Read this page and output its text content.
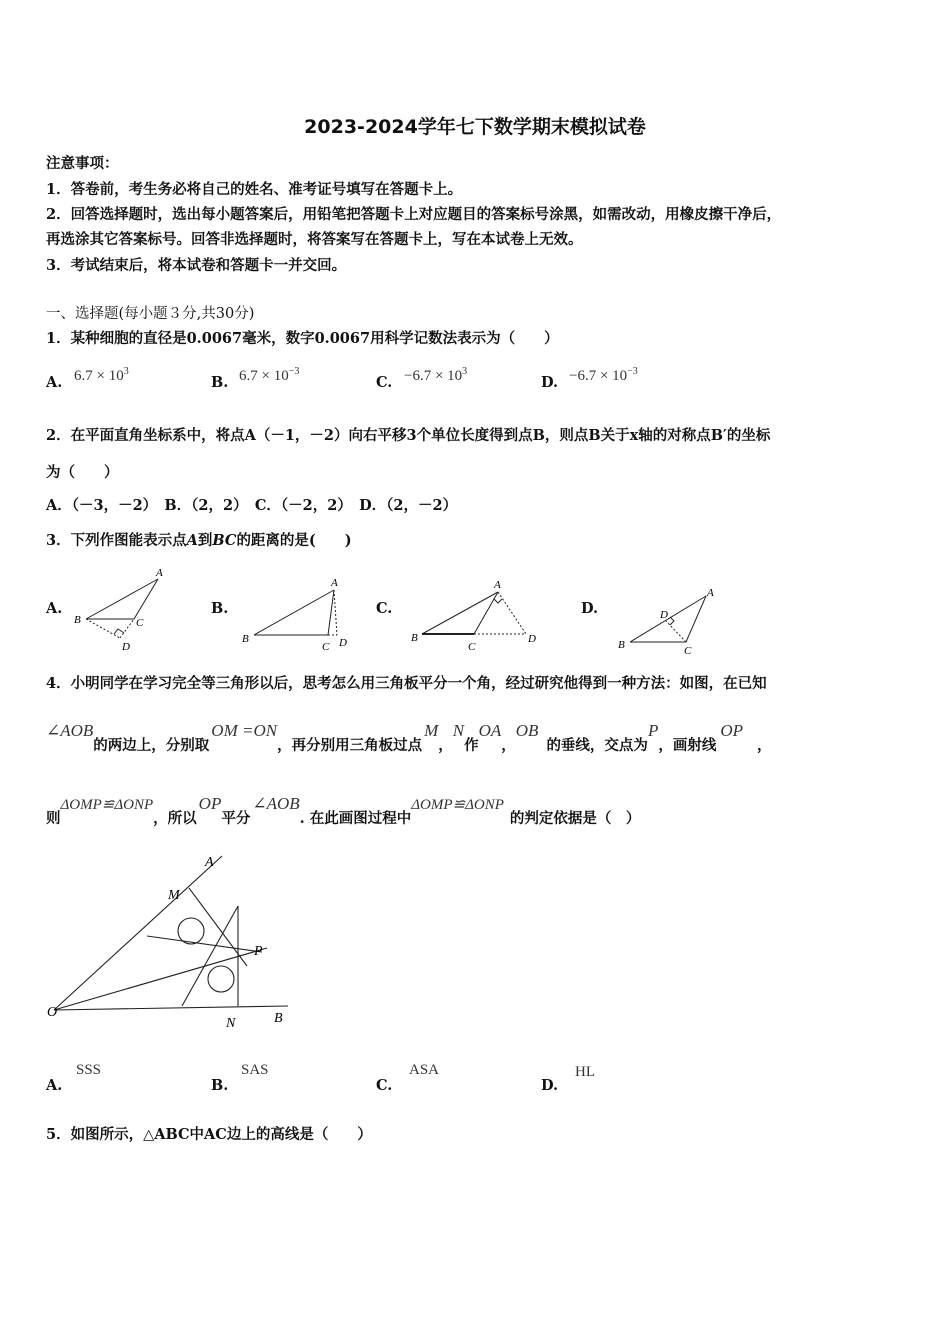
2023-2024学年七下数学期末模拟试卷
注意事项：
1．答卷前，考生务必将自己的姓名、准考证号填写在答题卡上。
2．回答选择题时，选出每小题答案后，用铅笔把答题卡上对应题目的答案标号涂黑，如需改动，用橡皮擦干净后，
再选涂其它答案标号。回答非选择题时，将答案写在答题卡上，写在本试卷上无效。
3．考试结束后，将本试卷和答题卡一并交回。
一、选择题(每小题３分,共30分)
1．某种细胞的直径是0.0067毫米，数字0.0067用科学记数法表示为（　　）
A. $6.7 \times 10^3$
B. $6.7 \times 10^{-3}$
C. $-6.7 \times 10^3$
D. $-6.7 \times 10^{-3}$
2．在平面直角坐标系中，将点A（－1，－2）向右平移3个单位长度得到点B，则点B关于x轴的对称点B′的坐标
为（　　）
A．（－3，－2）　B．（2，2）　C．（－2，2）　D．（2，－2）
3．下列作图能表示点A到BC的距离的是(　　)
A.	B.	C.	D.
A
B	C
D
A
B
C D
A
B
C
D
A
B	C
D
4．小明同学在学习完全等三角形以后，思考怎么用三角板平分一个角，经过研究他得到一种方法：如图，在已知
∠AOB的两边上，分别取OM =ON，再分别用三角板过点M，N作OA，OB的垂线，交点为P，画射线OP，
则ΔOMP≌ΔONP，所以OP平分∠AOB. 在此画图过程中ΔOMP≌ΔONP的判定依据是（　）
O
A
B
M
N
P
A.
SSS
B.
SAS
C.
ASA
D.
HL
5．如图所示，△ABC中AC边上的高线是（　　）
